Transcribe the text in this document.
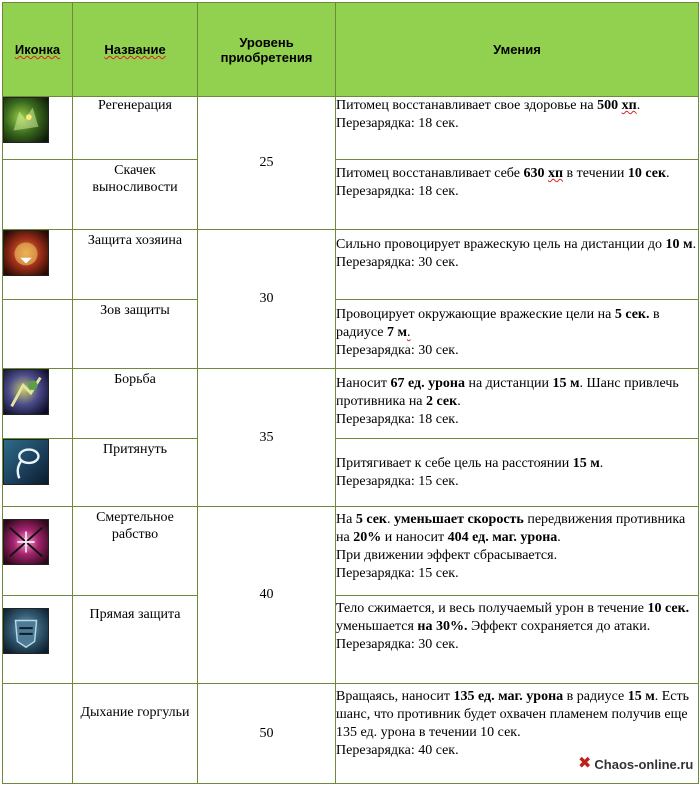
Иконка	Название	Уровень
приобретения	Умения

	Регенерация	25	Питомец восстанавливает свое здоровье на 500 хп.
Перезарядка: 18 сек.
	Скачек выносливости		Питомец восстанавливает себе 630 хп в течении 10 сек.
Перезарядка: 18 сек.

	Защита хозяина	30	Сильно провоцирует вражескую цель на дистанции до 10 м.
Перезарядка: 30 сек.
	Зов защиты		Провоцирует окружающие вражеские цели на 5 сек. в радиусе 7 м.
Перезарядка: 30 сек.

	Борьба	35	Наносит 67 ед. урона на дистанции 15 м. Шанс привлечь противника на 2 сек.
Перезарядка: 18 сек.

	Притянуть		Притягивает к себе цель на расстоянии 15 м.
Перезарядка: 15 сек.

	Смертельное рабство	40	На 5 сек. уменьшает скорость передвижения противника на 20% и наносит 404 ед. маг. урона.
При движении эффект сбрасывается.
Перезарядка: 15 сек.

	Прямая защита		Тело сжимается, и весь получаемый урон в течение 10 сек. уменьшается на 30%. Эффект сохраняется до атаки.
Перезарядка: 30 сек.
	Дыхание горгульи	50	Вращаясь, наносит 135 ед. маг. урона в радиусе 15 м. Есть шанс, что противник будет охвачен пламенем получив еще 135 ед. урона в течении 10 сек.
Перезарядка: 40 сек.
✖ Chaos-online.ru
